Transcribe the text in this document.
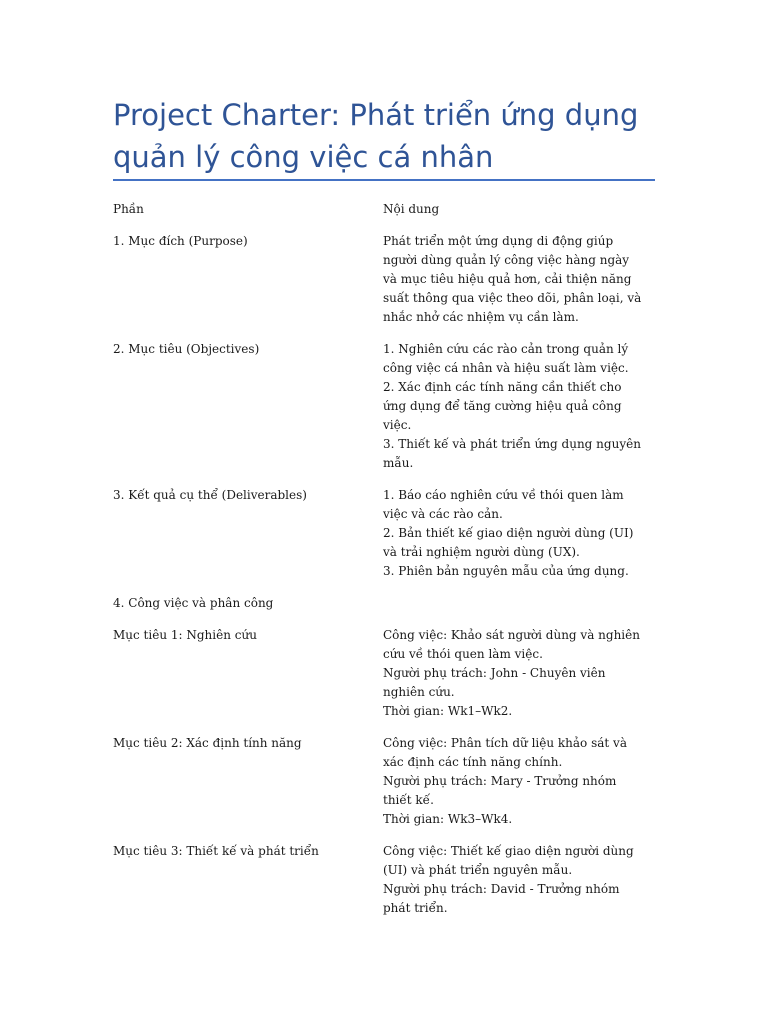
Project Charter: Phát triển ứng dụng quản lý công việc cá nhân
Phần	Nội dung
1. Mục đích (Purpose)	Phát triển một ứng dụng di động giúp người dùng quản lý công việc hàng ngày và mục tiêu hiệu quả hơn, cải thiện năng suất thông qua việc theo dõi, phân loại, và nhắc nhở các nhiệm vụ cần làm.
2. Mục tiêu (Objectives)	1. Nghiên cứu các rào cản trong quản lý công việc cá nhân và hiệu suất làm việc.
2. Xác định các tính năng cần thiết cho ứng dụng để tăng cường hiệu quả công việc.
3. Thiết kế và phát triển ứng dụng nguyên mẫu.
3. Kết quả cụ thể (Deliverables)	1. Báo cáo nghiên cứu về thói quen làm việc và các rào cản.
2. Bản thiết kế giao diện người dùng (UI) và trải nghiệm người dùng (UX).
3. Phiên bản nguyên mẫu của ứng dụng.
4. Công việc và phân công
Mục tiêu 1: Nghiên cứu	Công việc: Khảo sát người dùng và nghiên cứu về thói quen làm việc.
Người phụ trách: John - Chuyên viên nghiên cứu.
Thời gian: Wk1–Wk2.
Mục tiêu 2: Xác định tính năng	Công việc: Phân tích dữ liệu khảo sát và xác định các tính năng chính.
Người phụ trách: Mary - Trưởng nhóm thiết kế.
Thời gian: Wk3–Wk4.
Mục tiêu 3: Thiết kế và phát triển	Công việc: Thiết kế giao diện người dùng (UI) và phát triển nguyên mẫu.
Người phụ trách: David - Trưởng nhóm phát triển.
